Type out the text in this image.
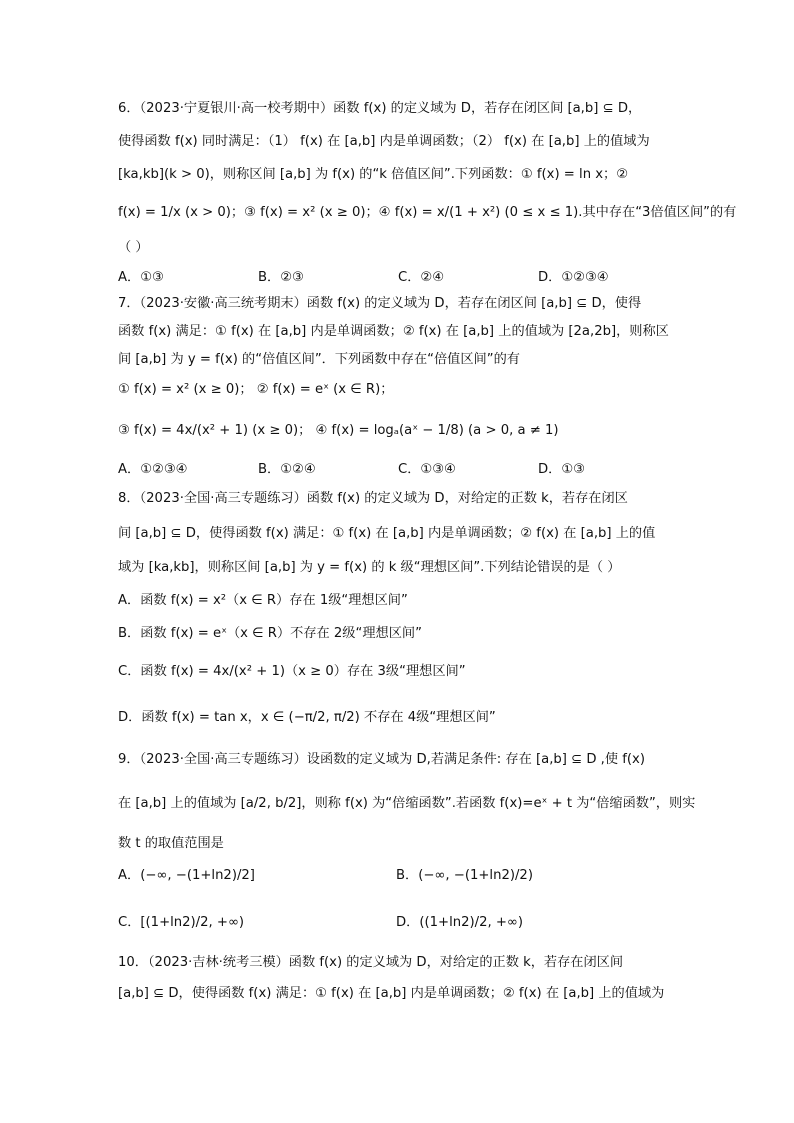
6．（2023·宁夏银川·高一校考期中）函数 f(x) 的定义域为 D，若存在闭区间 [a,b] ⊆ D，
使得函数 f(x) 同时满足：（1） f(x) 在 [a,b] 内是单调函数；（2） f(x) 在 [a,b] 上的值域为
[ka,kb](k > 0)，则称区间 [a,b] 为 f(x) 的“k 倍值区间”.下列函数：① f(x) = ln x；②
f(x) = 1/x (x > 0)；③ f(x) = x² (x ≥ 0)；④ f(x) = x/(1 + x²) (0 ≤ x ≤ 1).其中存在“3倍值区间”的有
（ ）
A．①③	B．②③	C．②④	D．①②③④
7．（2023·安徽·高三统考期末）函数 f(x) 的定义域为 D，若存在闭区间 [a,b] ⊆ D，使得
函数 f(x) 满足：① f(x) 在 [a,b] 内是单调函数；② f(x) 在 [a,b] 上的值域为 [2a,2b]，则称区
间 [a,b] 为 y = f(x) 的“倍值区间”．下列函数中存在“倍值区间”的有
① f(x) = x² (x ≥ 0)； ② f(x) = eˣ (x ∈ R)；
③ f(x) = 4x/(x² + 1) (x ≥ 0)； ④ f(x) = logₐ(aˣ − 1/8) (a > 0, a ≠ 1)
A．①②③④	B．①②④	C．①③④	D．①③
8．（2023·全国·高三专题练习）函数 f(x) 的定义域为 D，对给定的正数 k，若存在闭区
间 [a,b] ⊆ D，使得函数 f(x) 满足：① f(x) 在 [a,b] 内是单调函数；② f(x) 在 [a,b] 上的值
域为 [ka,kb]，则称区间 [a,b] 为 y = f(x) 的 k 级“理想区间”.下列结论错误的是（ ）
A．函数 f(x) = x²（x ∈ R）存在 1级“理想区间”
B．函数 f(x) = eˣ（x ∈ R）不存在 2级“理想区间”
C．函数 f(x) = 4x/(x² + 1)（x ≥ 0）存在 3级“理想区间”
D．函数 f(x) = tan x，x ∈ (−π/2, π/2) 不存在 4级“理想区间”
9．（2023·全国·高三专题练习）设函数的定义域为 D,若满足条件: 存在 [a,b] ⊆ D ,使 f(x)
在 [a,b] 上的值域为 [a/2, b/2]，则称 f(x) 为“倍缩函数”.若函数 f(x)=eˣ + t 为“倍缩函数”，则实
数 t 的取值范围是
A．(−∞, −(1+ln2)/2]	B．(−∞, −(1+ln2)/2)
C．[(1+ln2)/2, +∞)	D．((1+ln2)/2, +∞)
10．（2023·吉林·统考三模）函数 f(x) 的定义域为 D，对给定的正数 k，若存在闭区间
[a,b] ⊆ D，使得函数 f(x) 满足：① f(x) 在 [a,b] 内是单调函数；② f(x) 在 [a,b] 上的值域为
